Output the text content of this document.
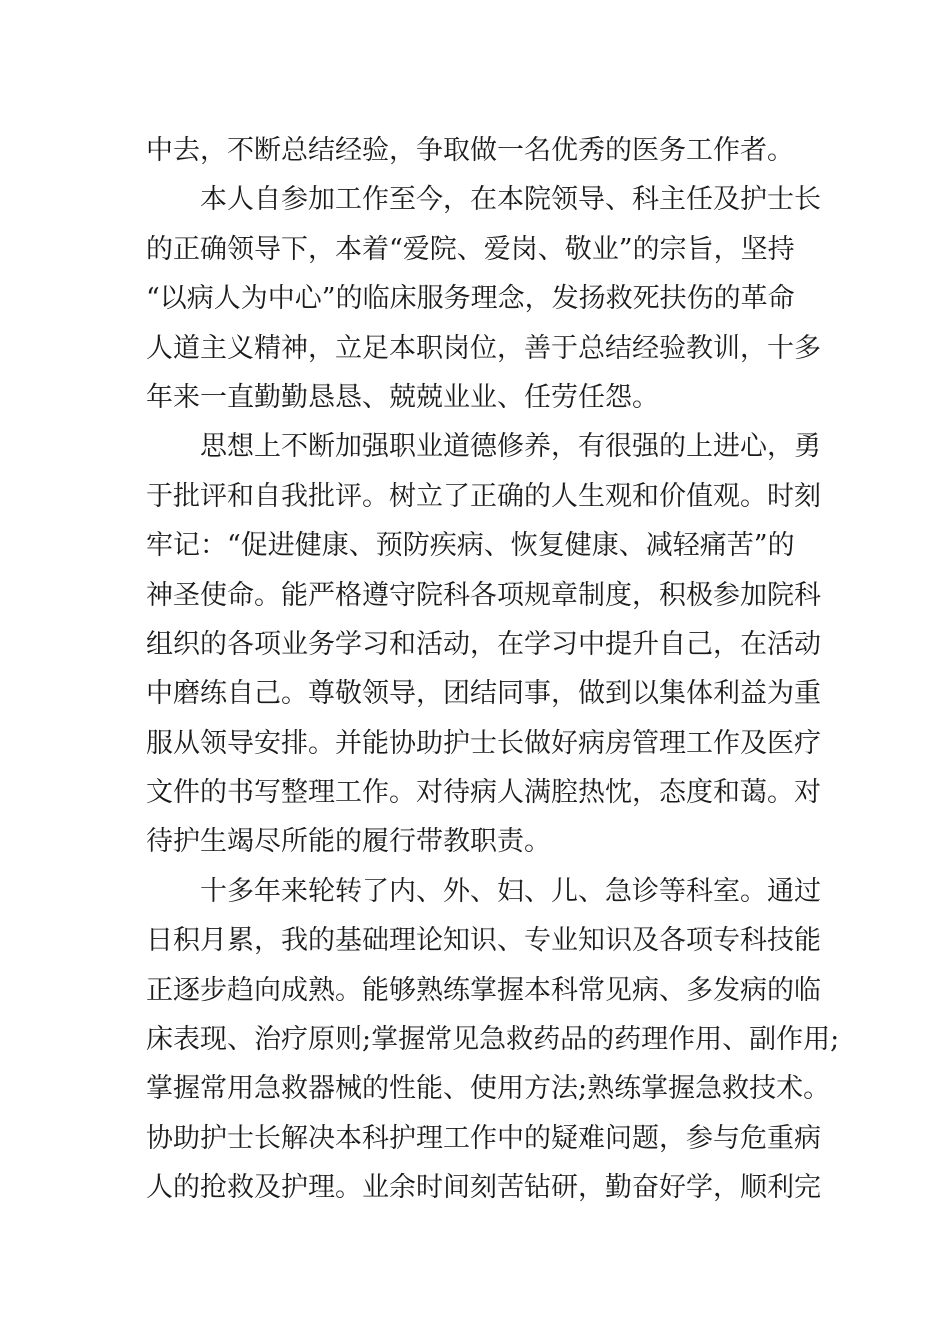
中去，不断总结经验，争取做一名优秀的医务工作者。
本人自参加工作至今，在本院领导、科主任及护士长
的正确领导下，本着“爱院、爱岗、敬业”的宗旨，坚持
“以病人为中心”的临床服务理念，发扬救死扶伤的革命
人道主义精神，立足本职岗位，善于总结经验教训，十多
年来一直勤勤恳恳、兢兢业业、任劳任怨。
思想上不断加强职业道德修养，有很强的上进心，勇
于批评和自我批评。树立了正确的人生观和价值观。时刻
牢记：“促进健康、预防疾病、恢复健康、减轻痛苦”的
神圣使命。能严格遵守院科各项规章制度，积极参加院科
组织的各项业务学习和活动，在学习中提升自己，在活动
中磨练自己。尊敬领导，团结同事，做到以集体利益为重
服从领导安排。并能协助护士长做好病房管理工作及医疗
文件的书写整理工作。对待病人满腔热忱，态度和蔼。对
待护生竭尽所能的履行带教职责。
十多年来轮转了内、外、妇、儿、急诊等科室。通过
日积月累，我的基础理论知识、专业知识及各项专科技能
正逐步趋向成熟。能够熟练掌握本科常见病、多发病的临
床表现、治疗原则;掌握常见急救药品的药理作用、副作用;
掌握常用急救器械的性能、使用方法;熟练掌握急救技术。
协助护士长解决本科护理工作中的疑难问题，参与危重病
人的抢救及护理。业余时间刻苦钻研，勤奋好学，顺利完
